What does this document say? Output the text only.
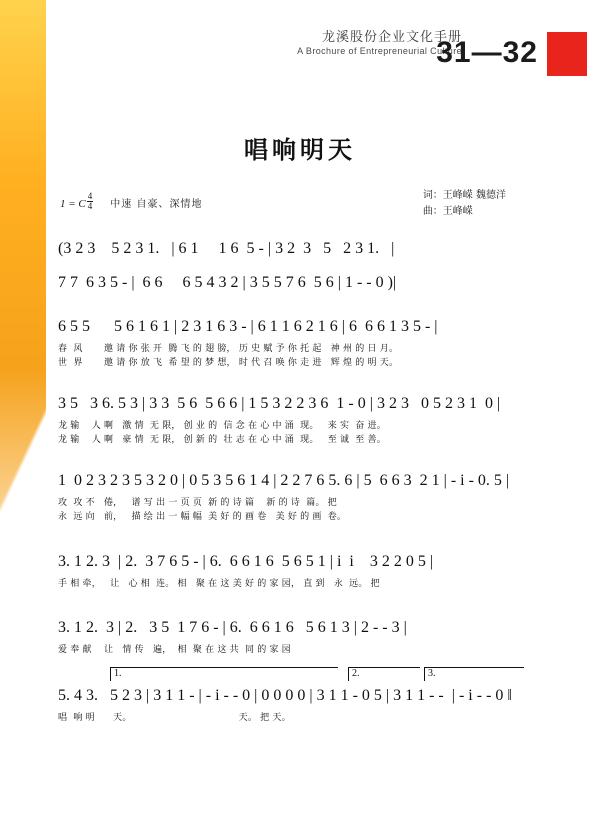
龙溪股份企业文化手册
A Brochure of Entrepreneurial Culture
31—32
唱响明天
1 = C $\frac{4}{4}$ 中速 自豪、深情地
词：王峰嵘 魏德洋
曲：王峰嵘
(3 2 3    5 2 3 1.   | 6 1     1 6  5 - | 3 2  3   5   2 3 1.   |
7 7  6 3 5 - |  6 6     6 5 4 3 2 | 3 5 5 7 6  5 6 | 1 - - 0 )|
6 5 5      5 6 1 6 1 | 2 3 1 6 3 - | 6 1 1 6 2 1 6 | 6  6 6 1 3 5 - |
春  风       邀 请 你 张 开  腾 飞 的 翅 膀， 历 史 赋 予 你 托 起   神 州 的 日 月。
世  界       邀 请 你 放 飞  希 望 的 梦 想， 时 代 召 唤 你 走 进   辉 煌 的 明 天。
3 5   3 6. 5 3 | 3 3  5 6  5 6 6 | 1 5 3 2 2 3 6  1 - 0 | 3 2 3   0 5 2 3 1  0 |
龙 输    人 啊   激 情  无 限， 创 业 的  信 念 在 心 中 涌  现。   来 实  奋 进。
龙 输    人 啊   豪 情  无 限， 创 新 的  壮 志 在 心 中 涌  现。   至 诚  至 善。
1  0 2 3 2 3 5 3 2 0 | 0 5 3 5 6 1 4 | 2 2 7 6 5. 6 | 5  6 6 3  2 1 | - i - 0. 5 |
攻  攻 不   倦，   谱 写 出 一 页 页  新 的 诗 篇    新 的 诗  篇。 把
永  远 向   前，   描 绘 出 一 幅 幅  美 好 的 画 卷   美 好 的 画  卷。
3. 1 2. 3  | 2.  3 7 6 5 - | 6.  6 6 1 6  5 6 5 1 | i  i    3 2 2 0 5 |
手 相 牵，   让   心 相  连。 相   聚 在 这 美 好 的 家 园， 直 到   永  远。 把
3. 1 2.  3 | 2.   3 5  1 7 6 - | 6.  6 6 1 6   5 6 1 3 | 2 - - 3 |
爱 奉 献    让   情 传   遍，  相  聚 在 这 共  同 的 家 园
1.	2.	3.
5. 4 3.   5 2 3 | 3 1 1 - | - i - - 0 | 0 0 0 0 | 3 1 1 - 0 5 | 3 1 1 - -  | - i - - 0 ‖
唱  响 明      天。                                   天。 把 天。
